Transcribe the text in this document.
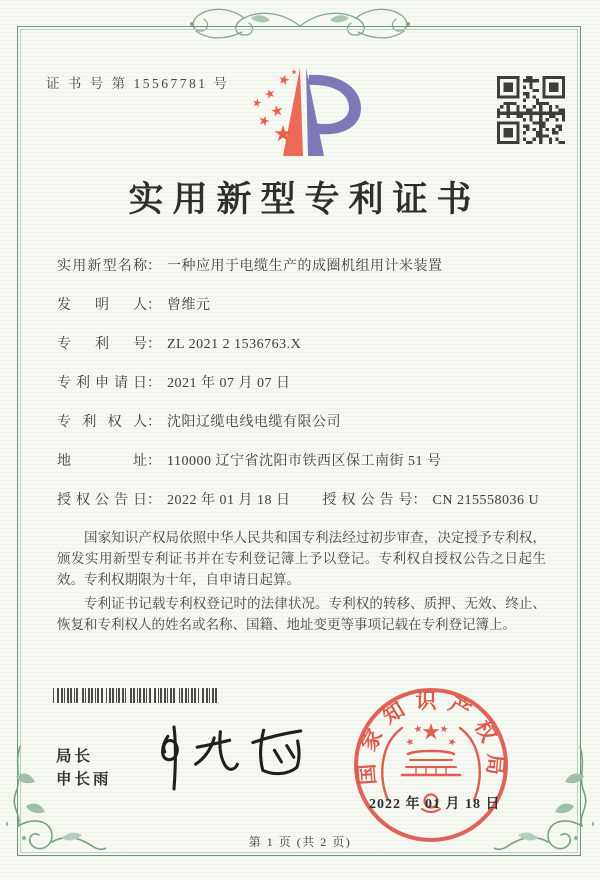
证 书 号 第 15567781 号
实用新型专利证书
实用新型名称： 一种应用于电缆生产的成圈机组用计米装置
发明人： 曾维元
专利号： ZL 2021 2 1536763.X
专利申请日： 2021 年 07 月 07 日
专利权人： 沈阳辽缆电线电缆有限公司
地址： 110000 辽宁省沈阳市铁西区保工南街 51 号
授权公告日： 2022 年 01 月 18 日 授权公告号： CN 215558036 U

国家知识产权局依照中华人民共和国专利法经过初步审查，决定授予专利权，颁发实用新型专利证书并在专利登记簿上予以登记。专利权自授权公告之日起生效。专利权期限为十年，自申请日起算。

专利证书记载专利权登记时的法律状况。专利权的转移、质押、无效、终止、恢复和专利权人的姓名或名称、国籍、地址变更等事项记载在专利登记簿上。

局长
申长雨	国家知识产权局
2022 年 01 月 18 日
第 1 页 (共 2 页)
